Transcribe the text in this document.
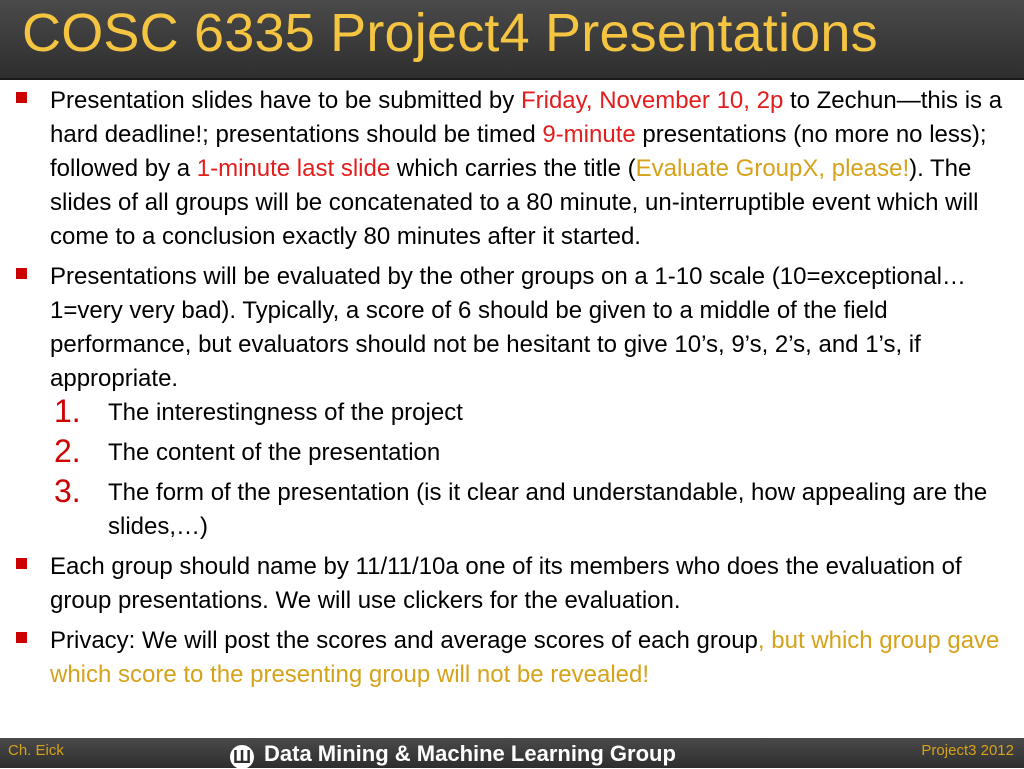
COSC 6335 Project4 Presentations
Presentation slides have to be submitted by Friday, November 10, 2p to Zechun—this is a hard deadline!; presentations should be timed 9-minute presentations (no more no less); followed by a 1-minute last slide which carries the title (Evaluate GroupX, please!). The slides of all groups will be concatenated to a 80 minute, un-interruptible event which will come to a conclusion exactly 80 minutes after it started.
Presentations will be evaluated by the other groups on a 1-10 scale (10=exceptional…1=very very bad). Typically, a score of 6 should be given to a middle of the field performance, but evaluators should not be hesitant to give 10’s, 9’s, 2’s, and 1’s, if appropriate.
1. The interestingness of the project
2. The content of the presentation
3. The form of the presentation (is it clear and understandable, how appealing are the slides,…)
Each group should name by 11/11/10a one of its members who does the evaluation of group presentations. We will use clickers for the evaluation.
Privacy: We will post the scores and average scores of each group, but which group gave which score to the presenting group will not be revealed!
Ch. Eick	Ш Data Mining & Machine Learning Group	Project3 2012
